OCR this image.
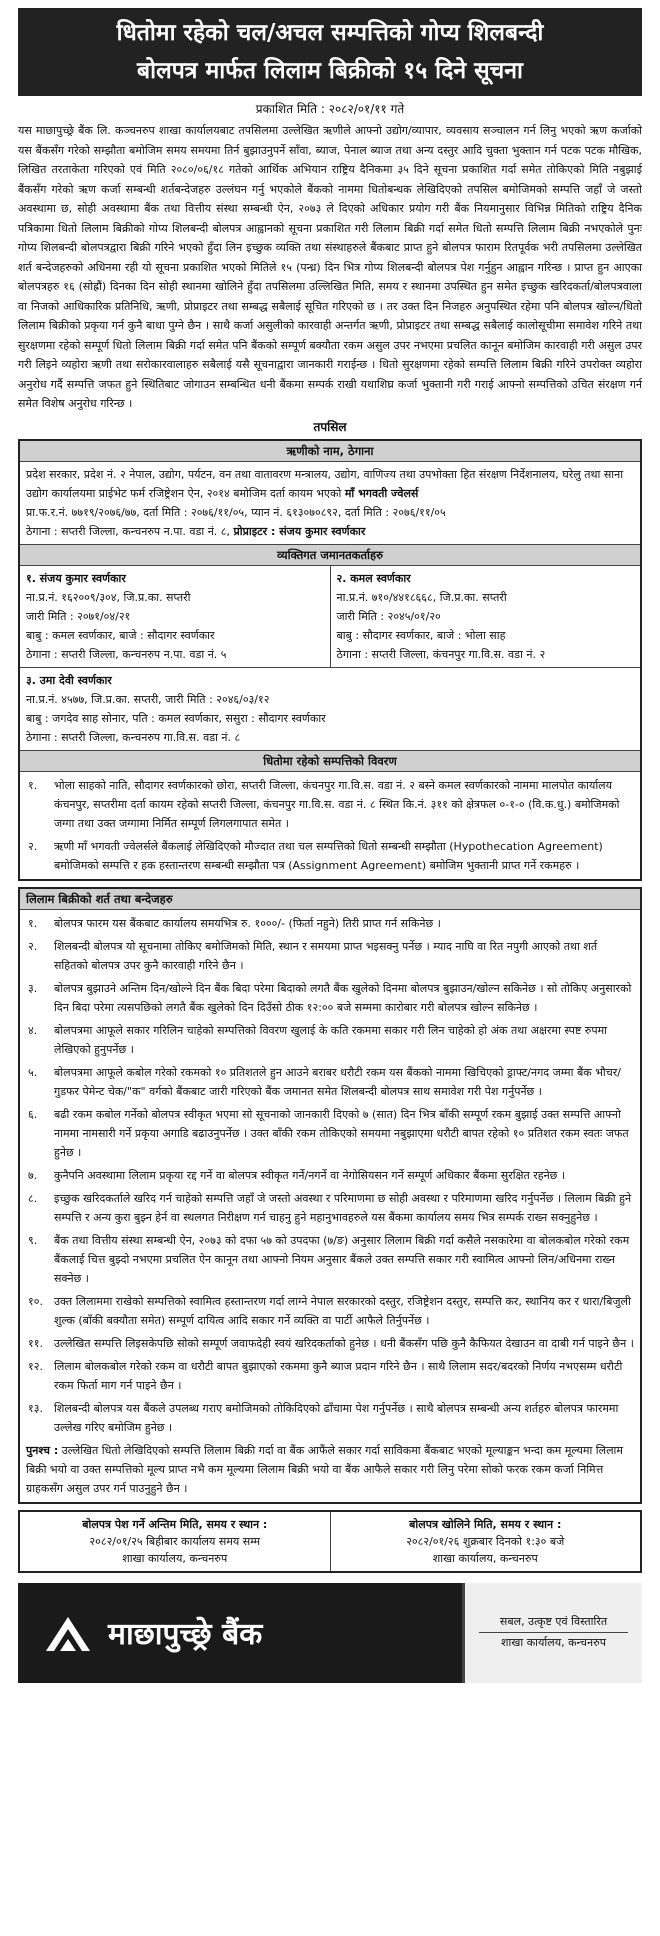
धितोमा रहेको चल/अचल सम्पत्तिको गोप्य शिलबन्दी
बोलपत्र मार्फत लिलाम बिक्रीको १५ दिने सूचना
प्रकाशित मिति : २०८२/०१/११ गते
यस माछापुच्छ्रे बैंक लि. कञ्चनरुप शाखा कार्यालयबाट तपसिलमा उल्लेखित ऋणीले आफ्नो उद्योग/व्यापार, व्यवसाय सञ्चालन गर्न लिनु भएको ऋण कर्जाको यस बैंकसँग गरेको सम्झौता बमोजिम समय समयमा तिर्न बुझाउनुपर्ने साँवा, ब्याज, पेनाल ब्याज तथा अन्य दस्तुर आदि चुक्ता भुक्तान गर्न पटक पटक मौखिक, लिखित तरताकेता गरिएको एवं मिति २०८०/०६/१८ गतेको आर्थिक अभियान राष्ट्रिय दैनिकमा ३५ दिने सूचना प्रकाशित गर्दा समेत तोकिएको मिति नबुझाई बैंकसँग गरेको ऋण कर्जा सम्बन्धी शर्तबन्देजहरु उल्लंघन गर्नु भएकोले बैंकको नाममा धितोबन्धक लेखिदिएको तपसिल बमोजिमको सम्पत्ति जहाँ जे जस्तो अवस्थामा छ, सोही अवस्थामा बैंक तथा वित्तीय संस्था सम्बन्धी ऐन, २०७३ ले दिएको अधिकार प्रयोग गरी बैंक नियमानुसार विभिन्न मितिको राष्ट्रिय दैनिक पत्रिकामा धितो लिलाम बिक्रीको गोप्य शिलबन्दी बोलपत्र आह्वानको सूचना प्रकाशित गरी लिलाम बिक्री गर्दा समेत धितो सम्पत्ति लिलाम बिक्री नभएकोले पुनः गोप्य शिलबन्दी बोलपत्रद्वारा बिक्री गरिने भएको हुँदा लिन इच्छुक व्यक्ति तथा संस्थाहरुले बैंकबाट प्राप्त हुने बोलपत्र फाराम रितपूर्वक भरी तपसिलमा उल्लेखित शर्त बन्देजहरुको अधिनमा रही यो सूचना प्रकाशित भएको मितिले १५ (पन्ध्र) दिन भित्र गोप्य शिलबन्दी बोलपत्र पेश गर्नुहुन आह्वान गरिन्छ । प्राप्त हुन आएका बोलपत्रहरु १६ (सोह्रौं) दिनका दिन सोही स्थानमा खोलिने हुँदा तपसिलमा उल्लिखित मिति, समय र स्थानमा उपस्थित हुन समेत इच्छुक खरिदकर्ता/बोलपत्रवाला वा निजको आधिकारिक प्रतिनिधि, ऋणी, प्रोप्राइटर तथा सम्बद्ध सबैलाई सूचित गरिएको छ । तर उक्त दिन निजहरु अनुपस्थित रहेमा पनि बोलपत्र खोल्न/धितो लिलाम बिक्रीको प्रकृया गर्न कुनै बाधा पुग्ने छैन । साथै कर्जा असुलीको कारवाही अन्तर्गत ऋणी, प्रोप्राइटर तथा सम्बद्ध सबैलाई कालोसूचीमा समावेश गरिने तथा सुरक्षणमा रहेको सम्पूर्ण धितो लिलाम बिक्री गर्दा समेत पनि बैंकको सम्पूर्ण बक्यौता रकम असुल उपर नभएमा प्रचलित कानून बमोजिम कारवाही गरी असुल उपर गरी लिइने व्यहोरा ऋणी तथा सरोकारवालाहरु सबैलाई यसै सूचनाद्वारा जानकारी गराईन्छ । धितो सुरक्षणमा रहेको सम्पत्ति लिलाम बिक्री गरिने उपरोक्त व्यहोरा अनुरोध गर्दै सम्पत्ति जफत हुने स्थितिबाट जोगाउन सम्बन्धित धनी बैंकमा सम्पर्क राखी यथाशिघ्र कर्जा भुक्तानी गरी गराई आफ्नो सम्पत्तिको उचित संरक्षण गर्न समेत विशेष अनुरोध गरिन्छ ।
तपसिल
ऋणीको नाम, ठेगाना
प्रदेश सरकार, प्रदेश नं. २ नेपाल, उद्योग, पर्यटन, वन तथा वातावरण मन्त्रालय, उद्योग, वाणिज्य तथा उपभोक्ता हित संरक्षण निर्देशनालय, घरेलु तथा साना उद्योग कार्यालयमा प्राईभेट फर्म रजिष्ट्रेशन ऐन, २०१४ बमोजिम दर्ता कायम भएको माँ भगवती ज्वेलर्स
प्रा.फ.र.नं. ७७१९/२०७६/७७, दर्ता मिति : २०७६/११/०५, प्यान नं. ६१३०७०८९२, दर्ता मिति : २०७६/११/०५
ठेगाना : सप्तरी जिल्ला, कन्चनरुप न.पा. वडा नं. ८, प्रोप्राइटर : संजय कुमार स्वर्णकार
व्यक्तिगत जमानतकर्ताहरु
१. संजय कुमार स्वर्णकार
ना.प्र.नं. १६२००९/३०४, जि.प्र.का. सप्तरी
जारी मिति : २०७१/०४/२१
बाबु : कमल स्वर्णकार, बाजे : सौदागर स्वर्णकार
ठेगाना : सप्तरी जिल्ला, कन्चनरुप न.पा. वडा नं. ५
२. कमल स्वर्णकार
ना.प्र.नं. ७१०/४४१८६६८, जि.प्र.का. सप्तरी
जारी मिति : २०४५/०१/२०
बाबु : सौदागर स्वर्णकार, बाजे : भोला साह
ठेगाना : सप्तरी जिल्ला, कंचनपुर गा.वि.स. वडा नं. २
३. उमा देवी स्वर्णकार
ना.प्र.नं. ४५७७, जि.प्र.का. सप्तरी, जारी मिति : २०४६/०३/१२
बाबु : जगदेव साह सोनार, पति : कमल स्वर्णकार, ससुरा : सौदागर स्वर्णकार
ठेगाना : सप्तरी जिल्ला, कन्चनरुप गा.वि.स. वडा नं. ८
धितोमा रहेको सम्पत्तिको विवरण
१. भोला साहको नाति, सौदागर स्वर्णकारको छोरा, सप्तरी जिल्ला, कंचनपुर गा.वि.स. वडा नं. २ बस्ने कमल स्वर्णकारको नाममा मालपोत कार्यालय कंचनपुर, सप्तरीमा दर्ता कायम रहेको सप्तरी जिल्ला, कंचनपुर गा.वि.स. वडा नं. ८ स्थित कि.नं. ३११ को क्षेत्रफल ०-१-० (वि.क.धु.) बमोजिमको जग्गा तथा उक्त जग्गामा निर्मित सम्पूर्ण लिगलगापात समेत ।
२. ऋणी माँ भगवती ज्वेलर्सले बैंकलाई लेखिदिएको मौज्दात तथा चल सम्पत्तिको धितो सम्बन्धी सम्झौता (Hypothecation Agreement) बमोजिमको सम्पत्ति र हक हस्तान्तरण सम्बन्धी सम्झौता पत्र (Assignment Agreement) बमोजिम भुक्तानी प्राप्त गर्ने रकमहरु ।
लिलाम बिक्रीको शर्त तथा बन्देजहरु
१. बोलपत्र फारम यस बैंकबाट कार्यालय समयभित्र रु. १०००/- (फिर्ता नहुने) तिरी प्राप्त गर्न सकिनेछ ।
२. शिलबन्दी बोलपत्र यो सूचनामा तोकिए बमोजिमको मिति, स्थान र समयमा प्राप्त भइसक्नु पर्नेछ । म्याद नाघि वा रित नपुगी आएको तथा शर्त सहितको बोलपत्र उपर कुनै कारवाही गरिने छैन ।
३. बोलपत्र बुझाउने अन्तिम दिन/खोल्ने दिन बैंक बिदा परेमा बिदाको लगतै बैंक खुलेको दिनमा बोलपत्र बुझाउन/खोल्न सकिनेछ । सो तोकिए अनुसारको दिन बिदा परेमा त्यसपछिको लगतै बैंक खुलेको दिन दिउँसो ठीक १२:०० बजे सम्ममा कारोबार गरी बोलपत्र खोल्न सकिनेछ ।
४. बोलपत्रमा आफूले सकार गरिलिन चाहेको सम्पत्तिको विवरण खुलाई के कति रकममा सकार गरी लिन चाहेको हो अंक तथा अक्षरमा स्पष्ट रुपमा लेखिएको हुनुपर्नेछ ।
५. बोलपत्रमा आफूले कबोल गरेको रकमको १० प्रतिशतले हुन आउने बराबर धरौटी रकम यस बैंकको नाममा खिचिएको ड्राफ्ट/नगद जम्मा बैंक भौचर/गुडफर पेमेन्ट चेक/"क" वर्गको बैंकबाट जारी गरिएको बैंक जमानत समेत शिलबन्दी बोलपत्र साथ समावेश गरी पेश गर्नुपर्नेछ ।
६. बढी रकम कबोल गर्नेको बोलपत्र स्वीकृत भएमा सो सूचनाको जानकारी दिएको ७ (सात) दिन भित्र बाँकी सम्पूर्ण रकम बुझाई उक्त सम्पत्ति आफ्नो नाममा नामसारी गर्ने प्रकृया अगाडि बढाउनुपर्नेछ । उक्त बाँकी रकम तोकिएको समयमा नबुझाएमा धरौटी बापत रहेको १० प्रतिशत रकम स्वतः जफत हुनेछ ।
७. कुनैपनि अवस्थामा लिलाम प्रकृया रद्द गर्ने वा बोलपत्र स्वीकृत गर्ने/नगर्ने वा नेगोसियसन गर्ने सम्पूर्ण अधिकार बैंकमा सुरक्षित रहनेछ ।
८. इच्छुक खरिदकर्ताले खरिद गर्न चाहेको सम्पत्ति जहाँ जे जस्तो अवस्था र परिमाणमा छ सोही अवस्था र परिमाणमा खरिद गर्नुपर्नेछ । लिलाम बिक्री हुने सम्पत्ति र अन्य कुरा बुझ्न हेर्न वा स्थलगत निरीक्षण गर्न चाहनु हुने महानुभावहरुले यस बैंकमा कार्यालय समय भित्र सम्पर्क राख्न सक्नुहुनेछ ।
९. बैंक तथा वित्तीय संस्था सम्बन्धी ऐन, २०७३ को दफा ५७ को उपदफा (७/ङ) अनुसार लिलाम बिक्री गर्दा कसैले नसकारेमा वा बोलकबोल गरेको रकम बैंकलाई चित्त बुझ्दो नभएमा प्रचलित ऐन कानून तथा आफ्नो नियम अनुसार बैंकले उक्त सम्पत्ति सकार गरी स्वामित्व आफ्नो लिन/अधिनमा राख्न सक्नेछ ।
१०. उक्त लिलाममा राखेको सम्पत्तिको स्वामित्व हस्तान्तरण गर्दा लाग्ने नेपाल सरकारको दस्तुर, रजिष्ट्रेशन दस्तुर, सम्पत्ति कर, स्थानिय कर र धारा/बिजुली शुल्क (बाँकी बक्यौता समेत) सम्पूर्ण दायित्व आदि सकार गर्ने व्यक्ति वा पार्टी आफैले तिर्नुपर्नेछ ।
११. उल्लेखित सम्पत्ति लिइसकेपछि सोको सम्पूर्ण जवाफदेही स्वयं खरिदकर्ताको हुनेछ । धनी बैंकसँग पछि कुनै कैफियत देखाउन वा दाबी गर्न पाइने छैन ।
१२. लिलाम बोलकबोल गरेको रकम वा धरौटी बापत बुझाएको रकममा कुनै ब्याज प्रदान गरिने छैन । साथै लिलाम सदर/बदरको निर्णय नभएसम्म धरौटी रकम फिर्ता माग गर्न पाइने छैन ।
१३. शिलबन्दी बोलपत्र यस बैंकले उपलब्ध गराए बमोजिमको तोकिदिएको ढाँचामा पेश गर्नुपर्नेछ । साथै बोलपत्र सम्बन्धी अन्य शर्तहरु बोलपत्र फारममा उल्लेख गरिए बमोजिम हुनेछ ।
पुनश्च : उल्लेखित धितो लेखिदिएको सम्पत्ति लिलाम बिक्री गर्दा वा बैंक आफैंले सकार गर्दा साविकमा बैंकबाट भएको मूल्याङ्कन भन्दा कम मूल्यमा लिलाम बिक्री भयो वा उक्त सम्पत्तिको मूल्य प्राप्त नभै कम मूल्यमा लिलाम बिक्री भयो वा बैंक आफैले सकार गरी लिनु परेमा सोको फरक रकम कर्जा निमित्त ग्राहकसँग असुल उपर गर्न पाउनुहुने छैन ।
बोलपत्र पेश गर्ने अन्तिम मिति, समय र स्थान :
२०८२/०१/२५ बिहीबार कार्यालय समय सम्म
शाखा कार्यालय, कन्चनरुप
बोलपत्र खोलिने मिति, समय र स्थान :
२०८२/०१/२६ शुक्रबार दिनको १:३० बजे
शाखा कार्यालय, कन्चनरुप
माछापुच्छ्रे बैंक	सबल, उत्कृष्ट एवं विस्तारित
शाखा कार्यालय, कन्चनरुप
